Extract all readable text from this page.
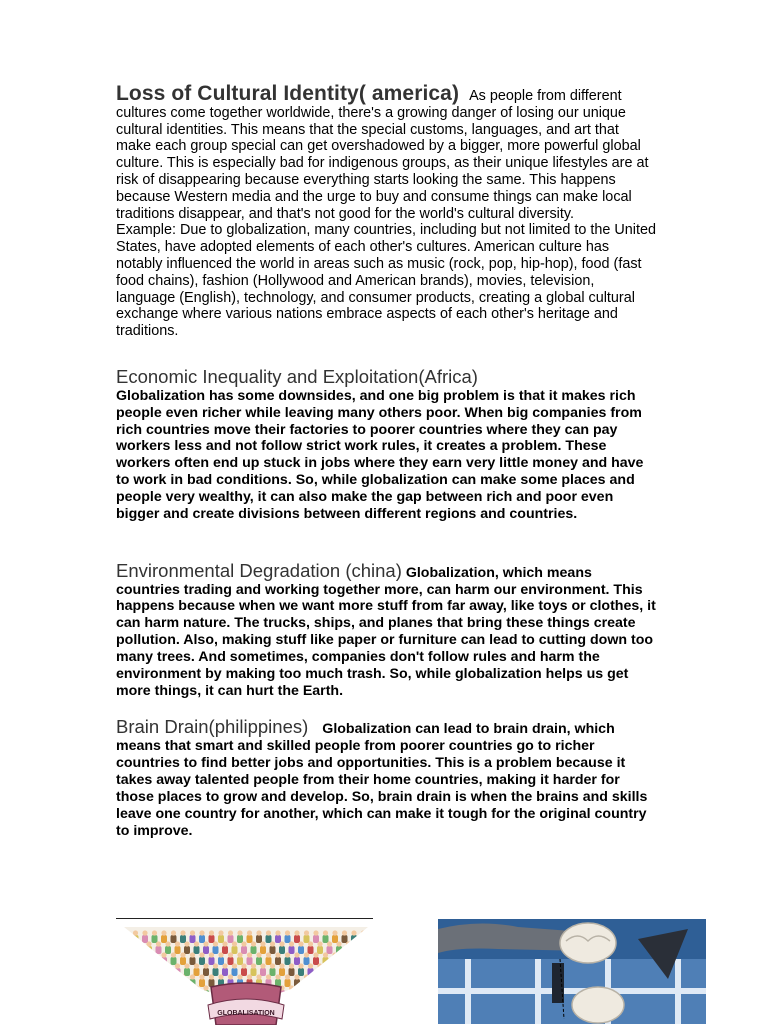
Loss of Cultural Identity( america) As people from different cultures come together worldwide, there's a growing danger of losing our unique cultural identities. This means that the special customs, languages, and art that make each group special can get overshadowed by a bigger, more powerful global culture. This is especially bad for indigenous groups, as their unique lifestyles are at risk of disappearing because everything starts looking the same. This happens because Western media and the urge to buy and consume things can make local traditions disappear, and that's not good for the world's cultural diversity.
Example: Due to globalization, many countries, including but not limited to the United States, have adopted elements of each other's cultures. American culture has notably influenced the world in areas such as music (rock, pop, hip-hop), food (fast food chains), fashion (Hollywood and American brands), movies, television, language (English), technology, and consumer products, creating a global cultural exchange where various nations embrace aspects of each other's heritage and traditions.

Economic Inequality and Exploitation(Africa)
Globalization has some downsides, and one big problem is that it makes rich people even richer while leaving many others poor. When big companies from rich countries move their factories to poorer countries where they can pay workers less and not follow strict work rules, it creates a problem. These workers often end up stuck in jobs where they earn very little money and have to work in bad conditions. So, while globalization can make some places and people very wealthy, it can also make the gap between rich and poor even bigger and create divisions between different regions and countries.
Environmental Degradation (china) Globalization, which means countries trading and working together more, can harm our environment. This happens because when we want more stuff from far away, like toys or clothes, it can harm nature. The trucks, ships, and planes that bring these things create pollution. Also, making stuff like paper or furniture can lead to cutting down too many trees. And sometimes, companies don't follow rules and harm the environment by making too much trash. So, while globalization helps us get more things, it can hurt the Earth.
Brain Drain(philippines) Globalization can lead to brain drain, which means that smart and skilled people from poorer countries go to richer countries to find better jobs and opportunities. This is a problem because it takes away talented people from their home countries, making it harder for those places to grow and develop. So, brain drain is when the brains and skills leave one country for another, which can make it tough for the original country to improve.
GLOBALISATION
